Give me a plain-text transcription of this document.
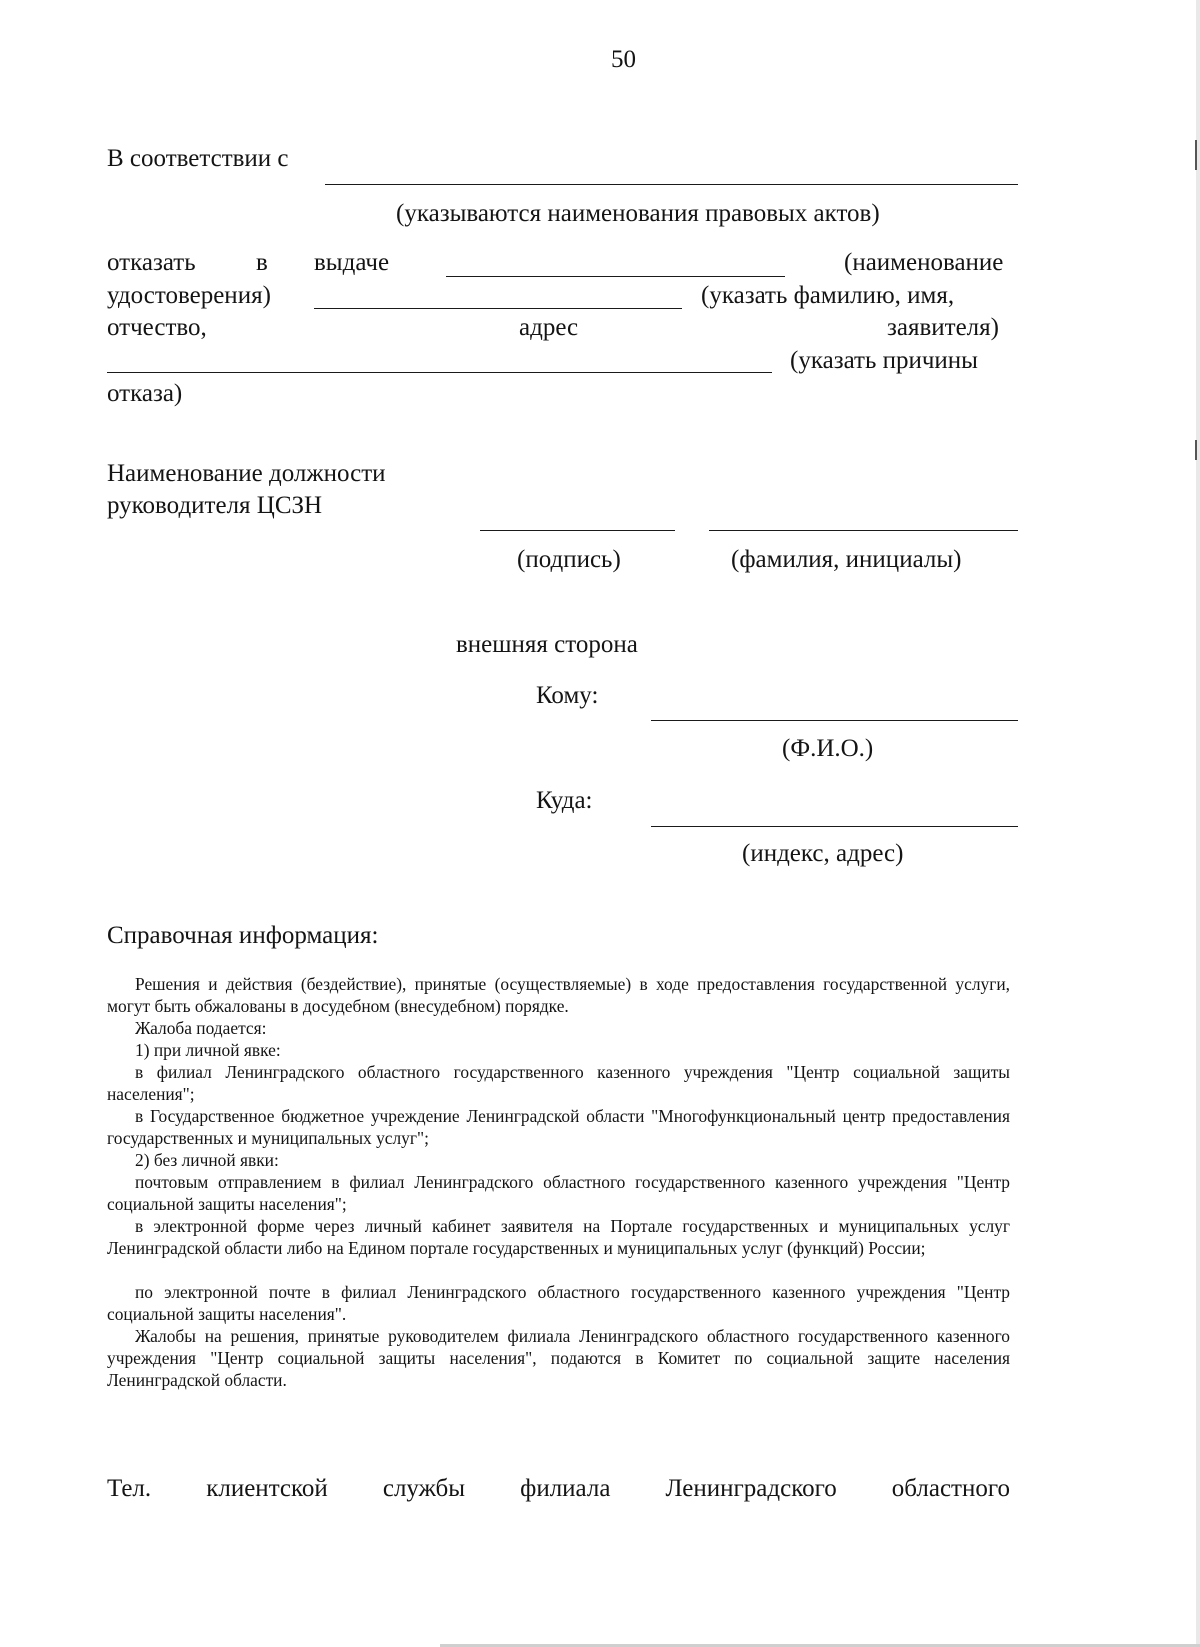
50
В соответствии с
(указываются наименования правовых актов)
отказать в выдаче	(наименование
удостоверения)	(указать фамилию, имя,
отчество,	адрес	заявителя)
(указать причины
отказа)
Наименование должности
руководителя ЦСЗН
(подпись)	(фамилия, инициалы)
внешняя сторона
Кому:
(Ф.И.О.)
Куда:
(индекс, адрес)
Справочная информация:
Решения и действия (бездействие), принятые (осуществляемые) в ходе предоставления государственной услуги, могут быть обжалованы в досудебном (внесудебном) порядке.
Жалоба подается:
1) при личной явке:
в филиал Ленинградского областного государственного казенного учреждения "Центр социальной защиты населения";
в Государственное бюджетное учреждение Ленинградской области "Многофункциональный центр предоставления государственных и муниципальных услуг";
2) без личной явки:
почтовым отправлением в филиал Ленинградского областного государственного казенного учреждения "Центр социальной защиты населения";
в электронной форме через личный кабинет заявителя на Портале государственных и муниципальных услуг Ленинградской области либо на Едином портале государственных и муниципальных услуг (функций) России;
по электронной почте в филиал Ленинградского областного государственного казенного учреждения "Центр социальной защиты населения".
Жалобы на решения, принятые руководителем филиала Ленинградского областного государственного казенного учреждения "Центр социальной защиты населения", подаются в Комитет по социальной защите населения Ленинградской области.
Тел. клиентской службы филиала Ленинградского областного
